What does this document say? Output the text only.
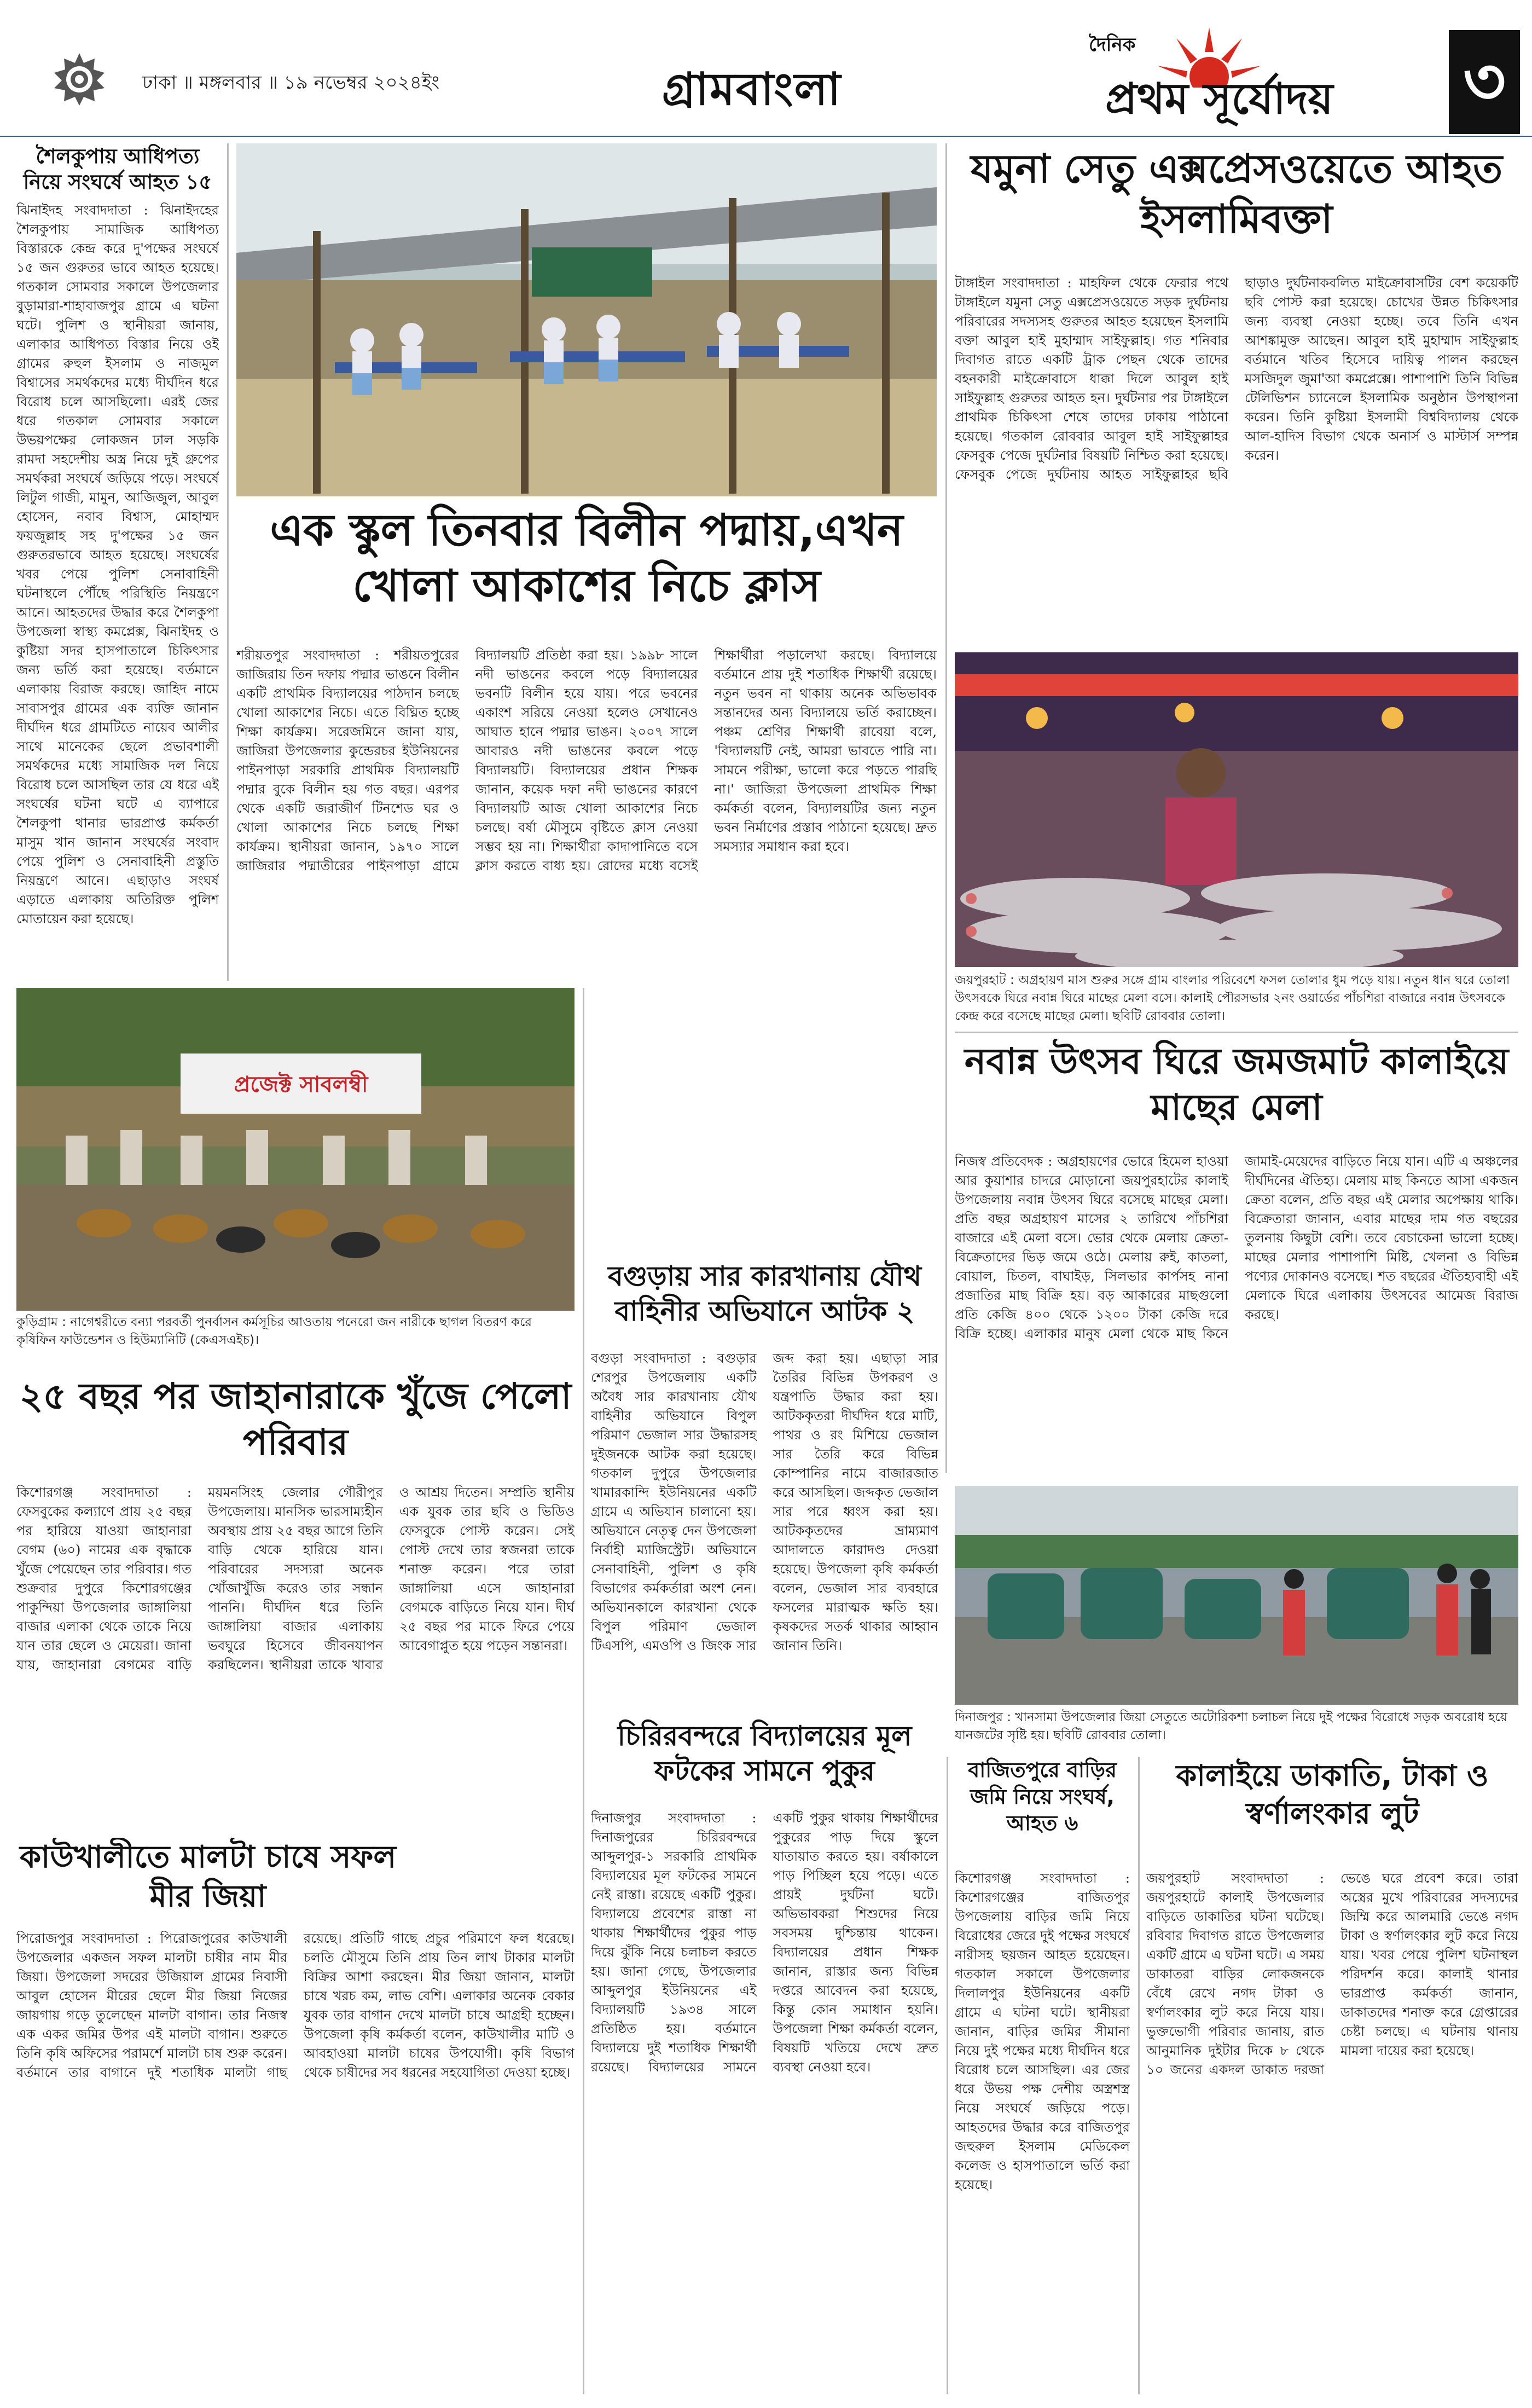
ঢাকা ॥ মঙ্গলবার ॥ ১৯ নভেম্বর ২০২৪ইং	গ্রামবাংলা
দৈনিক
প্রথম সূর্যোদয় ৩
শৈলকুপায় আধিপত্য নিয়ে সংঘর্ষে আহত ১৫
ঝিনাইদহ সংবাদদাতা : ঝিনাইদহের শৈলকুপায় সামাজিক আধিপত্য বিস্তারকে কেন্দ্র করে দু'পক্ষের সংঘর্ষে ১৫ জন গুরুতর ভাবে আহত হয়েছে। গতকাল সোমবার সকালে উপজেলার বুড়ামারা-শাহাবাজপুর গ্রামে এ ঘটনা ঘটে। পুলিশ ও স্থানীয়রা জানায়, এলাকার আধিপত্য বিস্তার নিয়ে ওই গ্রামের রুহুল ইসলাম ও নাজমুল বিশ্বাসের সমর্থকদের মধ্যে দীর্ঘদিন ধরে বিরোধ চলে আসছিলো। এরই জের ধরে গতকাল সোমবার সকালে উভয়পক্ষের লোকজন ঢাল সড়কি রামদা সহদেশীয় অস্ত্র নিয়ে দুই গ্রুপের সমর্থকরা সংঘর্ষে জড়িয়ে পড়ে। সংঘর্ষে লিটুল গাজী, মামুন, আজিজুল, আবুল হোসেন, নবাব বিশ্বাস, মোহাম্মদ ফয়জুল্লাহ সহ দু'পক্ষের ১৫ জন গুরুতরভাবে আহত হয়েছে। সংঘর্ষের খবর পেয়ে পুলিশ সেনাবাহিনী ঘটনাস্থলে পৌঁছে পরিস্থিতি নিয়ন্ত্রণে আনে। আহতদের উদ্ধার করে শৈলকুপা উপজেলা স্বাস্থ্য কমপ্লেক্স, ঝিনাইদহ ও কুষ্টিয়া সদর হাসপাতালে চিকিৎসার জন্য ভর্তি করা হয়েছে। বর্তমানে এলাকায় বিরাজ করছে। জাহিদ নামে সাবাসপুর গ্রামের এক ব্যক্তি জানান দীর্ঘদিন ধরে গ্রামটিতে নায়েব আলীর সাথে মানেকের ছেলে প্রভাবশালী সমর্থকদের মধ্যে সামাজিক দল নিয়ে বিরোধ চলে আসছিল তার যে ধরে এই সংঘর্ষের ঘটনা ঘটে এ ব্যাপারে শৈলকুপা থানার ভারপ্রাপ্ত কর্মকর্তা মাসুম খান জানান সংঘর্ষের সংবাদ পেয়ে পুলিশ ও সেনাবাহিনী প্রস্তুতি নিয়ন্ত্রণে আনে। এছাড়াও সংঘর্ষ এড়াতে এলাকায় অতিরিক্ত পুলিশ মোতায়েন করা হয়েছে।
এক স্কুল তিনবার বিলীন পদ্মায়,এখন খোলা আকাশের নিচে ক্লাস
শরীয়তপুর সংবাদদাতা : শরীয়তপুরের জাজিরায় তিন দফায় পদ্মার ভাঙনে বিলীন একটি প্রাথমিক বিদ্যালয়ের পাঠদান চলছে খোলা আকাশের নিচে। এতে বিঘ্নিত হচ্ছে শিক্ষা কার্যক্রম। সরেজমিনে জানা যায়, জাজিরা উপজেলার কুন্ডেরচর ইউনিয়নের পাইনপাড়া সরকারি প্রাথমিক বিদ্যালয়টি পদ্মার বুকে বিলীন হয় গত বছর। এরপর থেকে একটি জরাজীর্ণ টিনশেড ঘর ও খোলা আকাশের নিচে চলছে শিক্ষা কার্যক্রম। স্থানীয়রা জানান, ১৯৭০ সালে জাজিরার পদ্মাতীরের পাইনপাড়া গ্রামে বিদ্যালয়টি প্রতিষ্ঠা করা হয়। ১৯৯৮ সালে নদী ভাঙনের কবলে পড়ে বিদ্যালয়ের ভবনটি বিলীন হয়ে যায়। পরে ভবনের একাংশ সরিয়ে নেওয়া হলেও সেখানেও আঘাত হানে পদ্মার ভাঙন। ২০০৭ সালে আবারও নদী ভাঙনের কবলে পড়ে বিদ্যালয়টি। বিদ্যালয়ের প্রধান শিক্ষক জানান, কয়েক দফা নদী ভাঙনের কারণে বিদ্যালয়টি আজ খোলা আকাশের নিচে চলছে। বর্ষা মৌসুমে বৃষ্টিতে ক্লাস নেওয়া সম্ভব হয় না। শিক্ষার্থীরা কাদাপানিতে বসে ক্লাস করতে বাধ্য হয়। রোদের মধ্যে বসেই শিক্ষার্থীরা পড়ালেখা করছে। বিদ্যালয়ে বর্তমানে প্রায় দুই শতাধিক শিক্ষার্থী রয়েছে। নতুন ভবন না থাকায় অনেক অভিভাবক সন্তানদের অন্য বিদ্যালয়ে ভর্তি করাচ্ছেন। পঞ্চম শ্রেণির শিক্ষার্থী রাবেয়া বলে, 'বিদ্যালয়টি নেই, আমরা ভাবতে পারি না। সামনে পরীক্ষা, ভালো করে পড়তে পারছি না।' জাজিরা উপজেলা প্রাথমিক শিক্ষা কর্মকর্তা বলেন, বিদ্যালয়টির জন্য নতুন ভবন নির্মাণের প্রস্তাব পাঠানো হয়েছে। দ্রুত সমস্যার সমাধান করা হবে।
যমুনা সেতু এক্সপ্রেসওয়েতে আহত ইসলামিবক্তা
টাঙ্গাইল সংবাদদাতা : মাহফিল থেকে ফেরার পথে টাঙ্গাইলে যমুনা সেতু এক্সপ্রেসওয়েতে সড়ক দুর্ঘটনায় পরিবারের সদস্যসহ গুরুতর আহত হয়েছেন ইসলামি বক্তা আবুল হাই মুহাম্মাদ সাইফুল্লাহ। গত শনিবার দিবাগত রাতে একটি ট্রাক পেছন থেকে তাদের বহনকারী মাইক্রোবাসে ধাক্কা দিলে আবুল হাই সাইফুল্লাহ গুরুতর আহত হন। দুর্ঘটনার পর টাঙ্গাইলে প্রাথমিক চিকিৎসা শেষে তাদের ঢাকায় পাঠানো হয়েছে। গতকাল রোববার আবুল হাই সাইফুল্লাহর ফেসবুক পেজে দুর্ঘটনার বিষয়টি নিশ্চিত করা হয়েছে। ফেসবুক পেজে দুর্ঘটনায় আহত সাইফুল্লাহর ছবি ছাড়াও দুর্ঘটনাকবলিত মাইক্রোবাসটির বেশ কয়েকটি ছবি পোস্ট করা হয়েছে। চোখের উন্নত চিকিৎসার জন্য ব্যবস্থা নেওয়া হচ্ছে। তবে তিনি এখন আশঙ্কামুক্ত আছেন। আবুল হাই মুহাম্মাদ সাইফুল্লাহ বর্তমানে খতিব হিসেবে দায়িত্ব পালন করছেন মসজিদুল জুমা'আ কমপ্লেক্সে। পাশাপাশি তিনি বিভিন্ন টেলিভিশন চ্যানেলে ইসলামিক অনুষ্ঠান উপস্থাপনা করেন। তিনি কুষ্টিয়া ইসলামী বিশ্ববিদ্যালয় থেকে আল-হাদিস বিভাগ থেকে অনার্স ও মাস্টার্স সম্পন্ন করেন।
জয়পুরহাট : অগ্রহায়ণ মাস শুরুর সঙ্গে গ্রাম বাংলার পরিবেশে ফসল তোলার ধুম পড়ে যায়। নতুন ধান ঘরে তোলা উৎসবকে ঘিরে নবান্ন ঘিরে মাছের মেলা বসে। কালাই পৌরসভার ২নং ওয়ার্ডের পাঁচশিরা বাজারে নবান্ন উৎসবকে কেন্দ্র করে বসেছে মাছের মেলা। ছবিটি রোববার তোলা।
নবান্ন উৎসব ঘিরে জমজমাট কালাইয়ে মাছের মেলা
নিজস্ব প্রতিবেদক : অগ্রহায়ণের ভোরে হিমেল হাওয়া আর কুয়াশার চাদরে মোড়ানো জয়পুরহাটের কালাই উপজেলায় নবান্ন উৎসব ঘিরে বসেছে মাছের মেলা। প্রতি বছর অগ্রহায়ণ মাসের ২ তারিখে পাঁচশিরা বাজারে এই মেলা বসে। ভোর থেকে মেলায় ক্রেতা-বিক্রেতাদের ভিড় জমে ওঠে। মেলায় রুই, কাতলা, বোয়াল, চিতল, বাঘাইড়, সিলভার কার্পসহ নানা প্রজাতির মাছ বিক্রি হয়। বড় আকারের মাছগুলো প্রতি কেজি ৪০০ থেকে ১২০০ টাকা কেজি দরে বিক্রি হচ্ছে। এলাকার মানুষ মেলা থেকে মাছ কিনে জামাই-মেয়েদের বাড়িতে নিয়ে যান। এটি এ অঞ্চলের দীর্ঘদিনের ঐতিহ্য। মেলায় মাছ কিনতে আসা একজন ক্রেতা বলেন, প্রতি বছর এই মেলার অপেক্ষায় থাকি। বিক্রেতারা জানান, এবার মাছের দাম গত বছরের তুলনায় কিছুটা বেশি। তবে বেচাকেনা ভালো হচ্ছে। মাছের মেলার পাশাপাশি মিষ্টি, খেলনা ও বিভিন্ন পণ্যের দোকানও বসেছে। শত বছরের ঐতিহ্যবাহী এই মেলাকে ঘিরে এলাকায় উৎসবের আমেজ বিরাজ করছে।
প্রজেক্ট সাবলম্বী
কুড়িগ্রাম : নাগেশ্বরীতে বন্যা পরবর্তী পুনর্বাসন কর্মসূচির আওতায় পনেরো জন নারীকে ছাগল বিতরণ করে কৃষিফিন ফাউন্ডেশন ও হিউম্যানিটি (কেএসএইচ)।
বগুড়ায় সার কারখানায় যৌথ বাহিনীর অভিযানে আটক ২
বগুড়া সংবাদদাতা : বগুড়ার শেরপুর উপজেলায় একটি অবৈধ সার কারখানায় যৌথ বাহিনীর অভিযানে বিপুল পরিমাণ ভেজাল সার উদ্ধারসহ দুইজনকে আটক করা হয়েছে। গতকাল দুপুরে উপজেলার খামারকান্দি ইউনিয়নের একটি গ্রামে এ অভিযান চালানো হয়। অভিযানে নেতৃত্ব দেন উপজেলা নির্বাহী ম্যাজিস্ট্রেট। অভিযানে সেনাবাহিনী, পুলিশ ও কৃষি বিভাগের কর্মকর্তারা অংশ নেন। অভিযানকালে কারখানা থেকে বিপুল পরিমাণ ভেজাল টিএসপি, এমওপি ও জিংক সার জব্দ করা হয়। এছাড়া সার তৈরির বিভিন্ন উপকরণ ও যন্ত্রপাতি উদ্ধার করা হয়। আটককৃতরা দীর্ঘদিন ধরে মাটি, পাথর ও রং মিশিয়ে ভেজাল সার তৈরি করে বিভিন্ন কোম্পানির নামে বাজারজাত করে আসছিল। জব্দকৃত ভেজাল সার পরে ধ্বংস করা হয়। আটককৃতদের ভ্রাম্যমাণ আদালতে কারাদণ্ড দেওয়া হয়েছে। উপজেলা কৃষি কর্মকর্তা বলেন, ভেজাল সার ব্যবহারে ফসলের মারাত্মক ক্ষতি হয়। কৃষকদের সতর্ক থাকার আহ্বান জানান তিনি।
২৫ বছর পর জাহানারাকে খুঁজে পেলো পরিবার
কিশোরগঞ্জ সংবাদদাতা : ফেসবুকের কল্যাণে প্রায় ২৫ বছর পর হারিয়ে যাওয়া জাহানারা বেগম (৬০) নামের এক বৃদ্ধাকে খুঁজে পেয়েছেন তার পরিবার। গত শুক্রবার দুপুরে কিশোরগঞ্জের পাকুন্দিয়া উপজেলার জাঙ্গালিয়া বাজার এলাকা থেকে তাকে নিয়ে যান তার ছেলে ও মেয়েরা। জানা যায়, জাহানারা বেগমের বাড়ি ময়মনসিংহ জেলার গৌরীপুর উপজেলায়। মানসিক ভারসাম্যহীন অবস্থায় প্রায় ২৫ বছর আগে তিনি বাড়ি থেকে হারিয়ে যান। পরিবারের সদস্যরা অনেক খোঁজাখুঁজি করেও তার সন্ধান পাননি। দীর্ঘদিন ধরে তিনি জাঙ্গালিয়া বাজার এলাকায় ভবঘুরে হিসেবে জীবনযাপন করছিলেন। স্থানীয়রা তাকে খাবার ও আশ্রয় দিতেন। সম্প্রতি স্থানীয় এক যুবক তার ছবি ও ভিডিও ফেসবুকে পোস্ট করেন। সেই পোস্ট দেখে তার স্বজনরা তাকে শনাক্ত করেন। পরে তারা জাঙ্গালিয়া এসে জাহানারা বেগমকে বাড়িতে নিয়ে যান। দীর্ঘ ২৫ বছর পর মাকে ফিরে পেয়ে আবেগাপ্লুত হয়ে পড়েন সন্তানরা।
কাউখালীতে মালটা চাষে সফল মীর জিয়া
পিরোজপুর সংবাদদাতা : পিরোজপুরের কাউখালী উপজেলার একজন সফল মালটা চাষীর নাম মীর জিয়া। উপজেলা সদরের উজিয়াল গ্রামের নিবাসী আবুল হোসেন মীরের ছেলে মীর জিয়া নিজের জায়গায় গড়ে তুলেছেন মালটা বাগান। তার নিজস্ব এক একর জমির উপর এই মালটা বাগান। শুরুতে তিনি কৃষি অফিসের পরামর্শে মালটা চাষ শুরু করেন। বর্তমানে তার বাগানে দুই শতাধিক মালটা গাছ রয়েছে। প্রতিটি গাছে প্রচুর পরিমাণে ফল ধরেছে। চলতি মৌসুমে তিনি প্রায় তিন লাখ টাকার মালটা বিক্রির আশা করছেন। মীর জিয়া জানান, মালটা চাষে খরচ কম, লাভ বেশি। এলাকার অনেক বেকার যুবক তার বাগান দেখে মালটা চাষে আগ্রহী হচ্ছেন। উপজেলা কৃষি কর্মকর্তা বলেন, কাউখালীর মাটি ও আবহাওয়া মালটা চাষের উপযোগী। কৃষি বিভাগ থেকে চাষীদের সব ধরনের সহযোগিতা দেওয়া হচ্ছে।
চিরিরবন্দরে বিদ্যালয়ের মূল ফটকের সামনে পুকুর
দিনাজপুর সংবাদদাতা : দিনাজপুরের চিরিরবন্দরে আব্দুলপুর-১ সরকারি প্রাথমিক বিদ্যালয়ের মূল ফটকের সামনে নেই রাস্তা। রয়েছে একটি পুকুর। বিদ্যালয়ে প্রবেশের রাস্তা না থাকায় শিক্ষার্থীদের পুকুর পাড় দিয়ে ঝুঁকি নিয়ে চলাচল করতে হয়। জানা গেছে, উপজেলার আব্দুলপুর ইউনিয়নের এই বিদ্যালয়টি ১৯৩৪ সালে প্রতিষ্ঠিত হয়। বর্তমানে বিদ্যালয়ে দুই শতাধিক শিক্ষার্থী রয়েছে। বিদ্যালয়ের সামনে একটি পুকুর থাকায় শিক্ষার্থীদের পুকুরের পাড় দিয়ে স্কুলে যাতায়াত করতে হয়। বর্ষাকালে পাড় পিচ্ছিল হয়ে পড়ে। এতে প্রায়ই দুর্ঘটনা ঘটে। অভিভাবকরা শিশুদের নিয়ে সবসময় দুশ্চিন্তায় থাকেন। বিদ্যালয়ের প্রধান শিক্ষক জানান, রাস্তার জন্য বিভিন্ন দপ্তরে আবেদন করা হয়েছে, কিন্তু কোন সমাধান হয়নি। উপজেলা শিক্ষা কর্মকর্তা বলেন, বিষয়টি খতিয়ে দেখে দ্রুত ব্যবস্থা নেওয়া হবে।
দিনাজপুর : খানসামা উপজেলার জিয়া সেতুতে অটোরিকশা চলাচল নিয়ে দুই পক্ষের বিরোধে সড়ক অবরোধ হয়ে যানজটের সৃষ্টি হয়। ছবিটি রোববার তোলা।
বাজিতপুরে বাড়ির জমি নিয়ে সংঘর্ষ, আহত ৬
কিশোরগঞ্জ সংবাদদাতা : কিশোরগঞ্জের বাজিতপুর উপজেলায় বাড়ির জমি নিয়ে বিরোধের জেরে দুই পক্ষের সংঘর্ষে নারীসহ ছয়জন আহত হয়েছেন। গতকাল সকালে উপজেলার দিলালপুর ইউনিয়নের একটি গ্রামে এ ঘটনা ঘটে। স্থানীয়রা জানান, বাড়ির জমির সীমানা নিয়ে দুই পক্ষের মধ্যে দীর্ঘদিন ধরে বিরোধ চলে আসছিল। এর জের ধরে উভয় পক্ষ দেশীয় অস্ত্রশস্ত্র নিয়ে সংঘর্ষে জড়িয়ে পড়ে। আহতদের উদ্ধার করে বাজিতপুর জহুরুল ইসলাম মেডিকেল কলেজ ও হাসপাতালে ভর্তি করা হয়েছে।
কালাইয়ে ডাকাতি, টাকা ও স্বর্ণালংকার লুট
জয়পুরহাট সংবাদদাতা : জয়পুরহাটে কালাই উপজেলার বাড়িতে ডাকাতির ঘটনা ঘটেছে। রবিবার দিবাগত রাতে উপজেলার একটি গ্রামে এ ঘটনা ঘটে। এ সময় ডাকাতরা বাড়ির লোকজনকে বেঁধে রেখে নগদ টাকা ও স্বর্ণালংকার লুট করে নিয়ে যায়। ভুক্তভোগী পরিবার জানায়, রাত আনুমানিক দুইটার দিকে ৮ থেকে ১০ জনের একদল ডাকাত দরজা ভেঙে ঘরে প্রবেশ করে। তারা অস্ত্রের মুখে পরিবারের সদস্যদের জিম্মি করে আলমারি ভেঙে নগদ টাকা ও স্বর্ণালংকার লুট করে নিয়ে যায়। খবর পেয়ে পুলিশ ঘটনাস্থল পরিদর্শন করে। কালাই থানার ভারপ্রাপ্ত কর্মকর্তা জানান, ডাকাতদের শনাক্ত করে গ্রেপ্তারের চেষ্টা চলছে। এ ঘটনায় থানায় মামলা দায়ের করা হয়েছে।
